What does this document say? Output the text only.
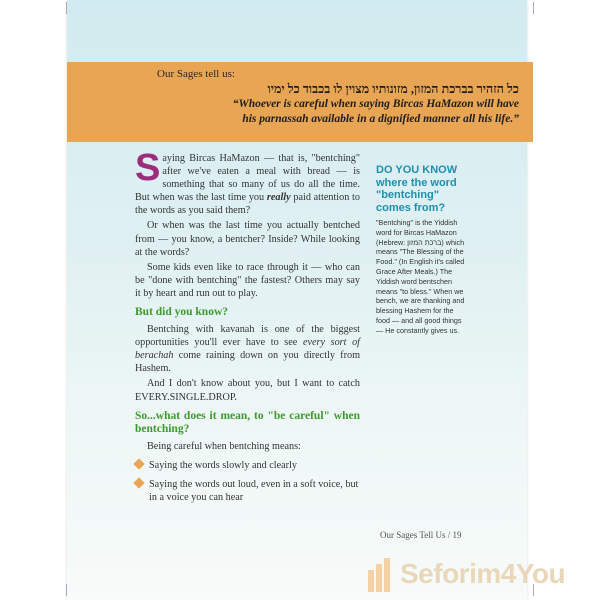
Our Sages tell us:
כל הזהיר בברכת המזון, מזונותיו מצוין לו בכבוד כל ימיו
“Whoever is careful when saying Bircas HaMazon will have
his parnassah available in a dignified manner all his life.”

Saying Bircas HaMazon — that is, "bentching" after we've eaten a meal with bread — is something that so many of us do all the time. But when was the last time you really paid attention to the words as you said them?

Or when was the last time you actually bentched from — you know, a bentcher? Inside? While looking at the words?

Some kids even like to race through it — who can be "done with bentching" the fastest? Others may say it by heart and run out to play.

But did you know?

Bentching with kavanah is one of the biggest opportunities you'll ever have to see every sort of berachah come raining down on you directly from Hashem.

And I don't know about you, but I want to catch EVERY.SINGLE.DROP.

So...what does it mean, to "be careful" when bentching?

Being careful when bentching means:

Saying the words slowly and clearly
Saying the words out loud, even in a soft voice, but in a voice you can hear
DO YOU KNOW where the word "bentching" comes from?
"Bentching" is the Yiddish word for Bircas HaMazon (Hebrew: ברכת המזון) which means "The Blessing of the Food." (In English it's called Grace After Meals.) The Yiddish word bentschen means "to bless." When we bench, we are thanking and blessing Hashem for the food — and all good things — He constantly gives us.
Our Sages Tell Us / 19
Seforim4You
